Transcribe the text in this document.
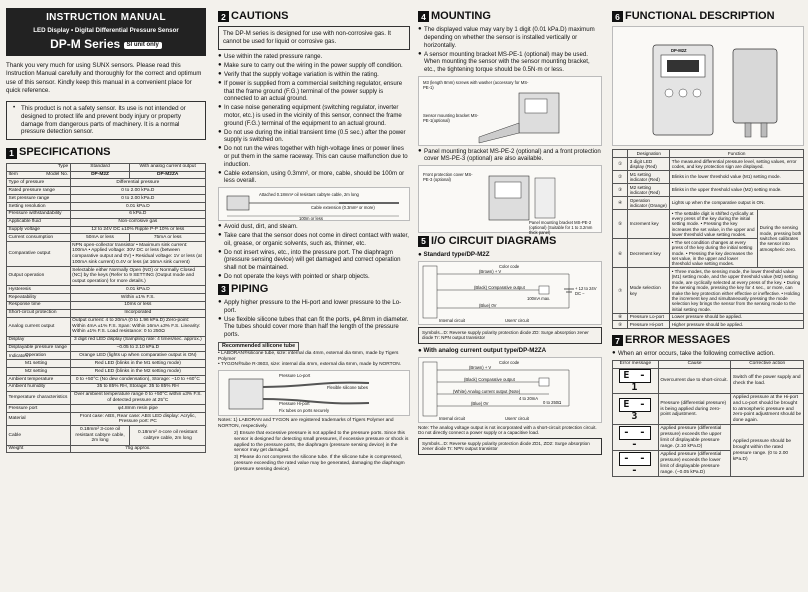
INSTRUCTION MANUAL
LED Display • Digital Differential Pressure Sensor
DP-M Series SI unit only
Thank you very much for using SUNX sensors. Please read this Instruction Manual carefully and thoroughly for the correct and optimum use of this sensor. Kindly keep this manual in a convenient place for quick reference.
• This product is not a safety sensor. Its use is not intended or designed to protect life and prevent body injury or property damage from dangerous parts of machinery. It is a normal pressure detection sensor.
1 SPECIFICATIONS
Type	Standard	With analog current output
Item Model No.	DP-M2Z	DP-M2ZA
Type of pressure	Differential pressure	
Rated pressure range	0 to 2.00 kPa.D	
Set pressure range	0 to 2.00 kPa.D	
Setting resolution	0.01 kPa.D	
Pressure withstandability	6 kPa.D	
Applicable fluid	Non-corrosive gas	
Supply voltage	12 to 24V DC ±10% Ripple P-P 10% or less	
Current consumption	50mA or less	75mA or less
Comparative output	NPN open-collector transistor • Maximum sink current: 100mA • Applied voltage: 30V DC or less (between comparative output and 0V) • Residual voltage: 1V or less (at 100mA sink current) 0.4V or less (at 16mA sink current)	
Output operation	Selectable either Normally Open (NO) or Normally Closed (NC) by the keys (Refer to 9 SETTING (Output mode and output operation) for more details.)	
Hysteresis	0.01 kPa.D	
Repeatability	Within ±1% F.S.	
Response time	10ms or less	
Short-circuit protection	Incorporated	
Analog current output	Output current: 4 to 20mA (0 to 1.96 kPa.D) Zero-point: Within 4mA ±1% F.S. Span: Within 16mA ±3% F.S. Linearity: Within ±1% F.S. Load resistance: 0 to 250Ω	
Display	3 digit red LED display (Sampling rate: 4 times/sec. approx.)	
Displayable pressure range	−0.05 to 2.10 kPa.D	

Indicators
Operation	Orange LED (lights up when comparative output is ON)	
M1 setting	Red LED (blinks in the M1 setting mode)	
M2 setting	Red LED (blinks in the M2 setting mode)	
Ambient temperature	0 to +50°C (No dew condensation), Storage: −10 to +60°C	
Ambient humidity	35 to 85% RH, Storage: 35 to 85% RH	
Temperature characteristics	Over ambient temperature range 0 to +50°C within ±3% F.S. of detected pressure at 25°C	
Pressure port	φ4.8mm resin pipe	
Material	Front case: ABS, Rear case: ABS LED display: Acrylic, Pressure port: PC	
Cable	0.18mm² 3-core oil resistant cabtyre cable, 2m long	0.18mm² 4-core oil resistant cabtyre cable, 2m long
Weight	75g approx.	
2 CAUTIONS
The DP-M series is designed for use with non-corrosive gas. It cannot be used for liquid or corrosive gas.
● Use within the rated pressure range.
● Make sure to carry out the wiring in the power supply off condition.
● Verify that the supply voltage variation is within the rating.
● If power is supplied from a commercial switching regulator, ensure that the frame ground (F.G.) terminal of the power supply is connected to an actual ground.
● In case noise generating equipment (switching regulator, inverter motor, etc.) is used in the vicinity of this sensor, connect the frame ground (F.G.) terminal of the equipment to an actual ground.
● Do not use during the initial transient time (0.5 sec.) after the power supply is switched on.
● Do not run the wires together with high-voltage lines or power lines or put them in the same raceway. This can cause malfunction due to induction.
● Cable extension, using 0.3mm², or more, cable, should be 100m or less overall.
Attached 0.18mm² oil resistant cabtyre cable, 2m long
Cable extension (0.3mm² or more)
100m or less
● Avoid dust, dirt, and steam.
● Take care that the sensor does not come in direct contact with water, oil, grease, or organic solvents, such as, thinner, etc.
● Do not insert wires, etc., into the pressure port. The diaphragm (pressure sensing device) will get damaged and correct operation shall not be maintained.
● Do not operate the keys with pointed or sharp objects.
3 PIPING
● Apply higher pressure to the Hi-port and lower pressure to the Lo-port.
● Use flexible silicone tubes that can fit the ports, φ4.8mm in diameter. The tubes should cover more than half the length of the pressure ports.
Recommended silicone tube
• LABORAN®silicone tube, size: internal dia 4mm, external dia 6mm, made by Tigers Polymer
• TYGON®tube R-3603, size: internal dia 4mm, external dia 6mm, made by NORTON.
Pressure Lo-port
Flexible silicone tubes
Pressure Hi-port
Fix tubes on ports securely
Notes: 1) LABORAN and TYGON are registered trademarks of Tigers Polymer and NORTON, respectively.
2) Ensure that excessive pressure is not applied to the pressure ports. Since this sensor is designed for detecting small pressures, if excessive pressure or shock is applied to the pressure ports, the diaphragm (pressure sensing device) in the sensor may get damaged.
3) Please do not compress the silicone tube. If the silicone tube is compressed, pressure exceeding the rated value may be generated, damaging the diaphragm (pressure sensing device).
4 MOUNTING
● The displayed value may vary by 1 digit (0.01 kPa.D) maximum depending on whether the sensor is installed vertically or horizontally.
● A sensor mounting bracket MS-PE-1 (optional) may be used. When mounting the sensor with the sensor mounting bracket, etc., the tightening torque should be 0.5N·m or less.
M3 (length 8mm) screws with washer (accessory for MS-PE-1)
Sensor mounting bracket MS-PE-1(optional)
● Panel mounting bracket MS-PE-2 (optional) and a front protection cover MS-PE-3 (optional) are also available.
Front protection cover MS-PE-3 (optional)
Panel mounting bracket MS-PE-2 (optional) (Suitable for 1 to 3.2mm thick panel)
5 I/O CIRCUIT DIAGRAMS
● Standard type/DP-M2Z
Color code
(Brown) + V
(Black) Comparative output
100mA max.
(Blue) 0V
+ 12 to 24V DC −
Internal circuit	Users' circuit
Symbols...D: Reverse supply polarity protection diode ZD: Surge absorption zener diode Tr: NPN output transistor
● With analog current output type/DP-M2ZA
Color code
(Brown) + V
(Black) Comparative output
(White) Analog current output (Note)
4 to 20mA
(Blue) 0V	0 to 250Ω
Internal circuit	Users' circuit
Note: The analog voltage output is not incorporated with a short-circuit protection circuit. Do not directly connect a power supply or a capacitive load.
Symbols...D: Reverse supply polarity protection diode ZD1, ZD2: Surge absorption zener diode Tr: NPN output transistor
6 FUNCTIONAL DESCRIPTION
DP-M2Z
	Designation	Function	
①	3 digit LED display (Red)	The measured differential pressure level, setting values, error codes, and key protection sign are displayed.	
②	M1 setting indicator (Red)	Blinks in the lower threshold value (M1) setting mode.	
③	M2 setting indicator (Red)	Blinks in the upper threshold value (M2) setting mode.	
④	Operation indicator (Orange)	Lights up when the comparative output is ON.	
⑤	Increment key	• The settable digit is shifted cyclically at every press of the key during the initial setting mode. • Pressing the key increases the set value, in the upper and lower threshold value setting modes.	During the sensing mode, pressing both switches calibrates the sensor into atmospheric zero.
⑥	Decrement key	• The set condition changes at every press of the key during the initial setting mode. • Pressing the key decreases the set value, in the upper and lower threshold value setting modes.	
⑦	Mode selection key	• Three modes, the sensing mode, the lower threshold value (M1) setting mode, and the upper threshold value (M2) setting mode, are cyclically selected at every press of the key. • During the sensing mode, pressing the key for 4 sec., or more, can make the key protection either effective or ineffective. • Holding the increment key and simultaneously pressing the mode selection key brings the sensor from the sensing mode to the initial setting mode.	
⑧	Pressure Lo-port	Lower pressure should be applied.	
⑨	Pressure Hi-port	Higher pressure should be applied.	
7 ERROR MESSAGES
● When an error occurs, take the following corrective action.
Error message	Cause	Corrective action
E - 1	Overcurrent due to short-circuit.	Switch off the power supply and check the load.
E - 3	Pressure (differential pressure) is being applied during zero-point adjustment.	Applied pressure at the Hi-port and Lo-port should be brought to atmospheric pressure and zero-point adjustment should be done again.
- - -	Applied pressure (differential pressure) exceeds the upper limit of displayable pressure range. (2.10 kPa.D)	Applied pressure should be brought within the rated pressure range. (0 to 2.00 kPa.D)
- - -	Applied pressure (differential pressure) exceeds the lower limit of displayable pressure range. (−0.05 kPa.D)	
